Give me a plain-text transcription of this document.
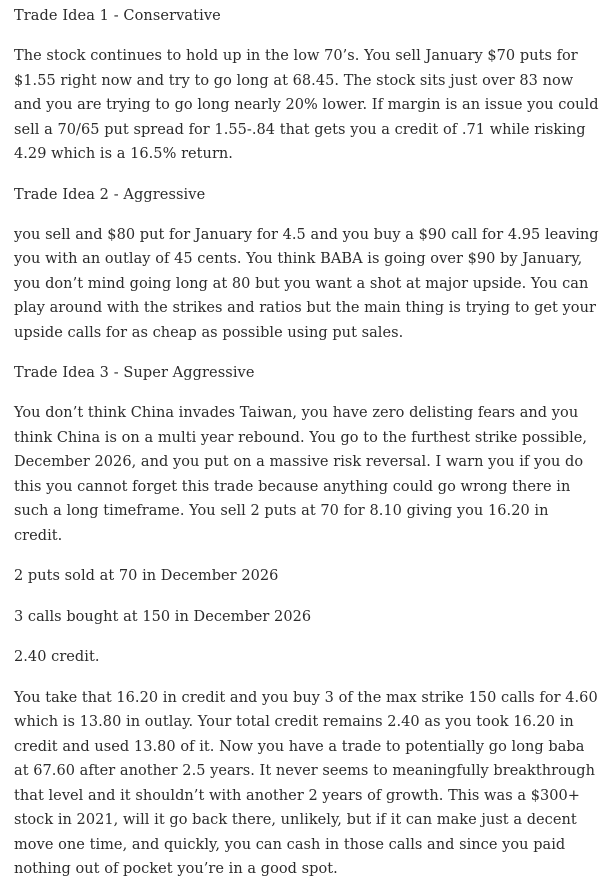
Trade Idea 1 - Conservative
The stock continues to hold up in the low 70’s. You sell January $70 puts for $1.55 right now and try to go long at 68.45. The stock sits just over 83 now and you are trying to go long nearly 20% lower. If margin is an issue you could sell a 70/65 put spread for 1.55-.84 that gets you a credit of .71 while risking 4.29 which is a 16.5% return.
Trade Idea 2 - Aggressive
you sell and $80 put for January for 4.5 and you buy a $90 call for 4.95 leaving you with an outlay of 45 cents. You think BABA is going over $90 by January, you don’t mind going long at 80 but you want a shot at major upside. You can play around with the strikes and ratios but the main thing is trying to get your upside calls for as cheap as possible using put sales.
Trade Idea 3 - Super Aggressive
You don’t think China invades Taiwan, you have zero delisting fears and you think China is on a multi year rebound. You go to the furthest strike possible, December 2026, and you put on a massive risk reversal. I warn you if you do this you cannot forget this trade because anything could go wrong there in such a long timeframe. You sell 2 puts at 70 for 8.10 giving you 16.20 in credit.
2 puts sold at 70 in December 2026
3 calls bought at 150 in December 2026
2.40 credit.
You take that 16.20 in credit and you buy 3 of the max strike 150 calls for 4.60 which is 13.80 in outlay. Your total credit remains 2.40 as you took 16.20 in credit and used 13.80 of it. Now you have a trade to potentially go long baba at 67.60 after another 2.5 years. It never seems to meaningfully breakthrough that level and it shouldn’t with another 2 years of growth. This was a $300+ stock in 2021, will it go back there, unlikely, but if it can make just a decent move one time, and quickly, you can cash in those calls and since you paid nothing out of pocket you’re in a good spot.
